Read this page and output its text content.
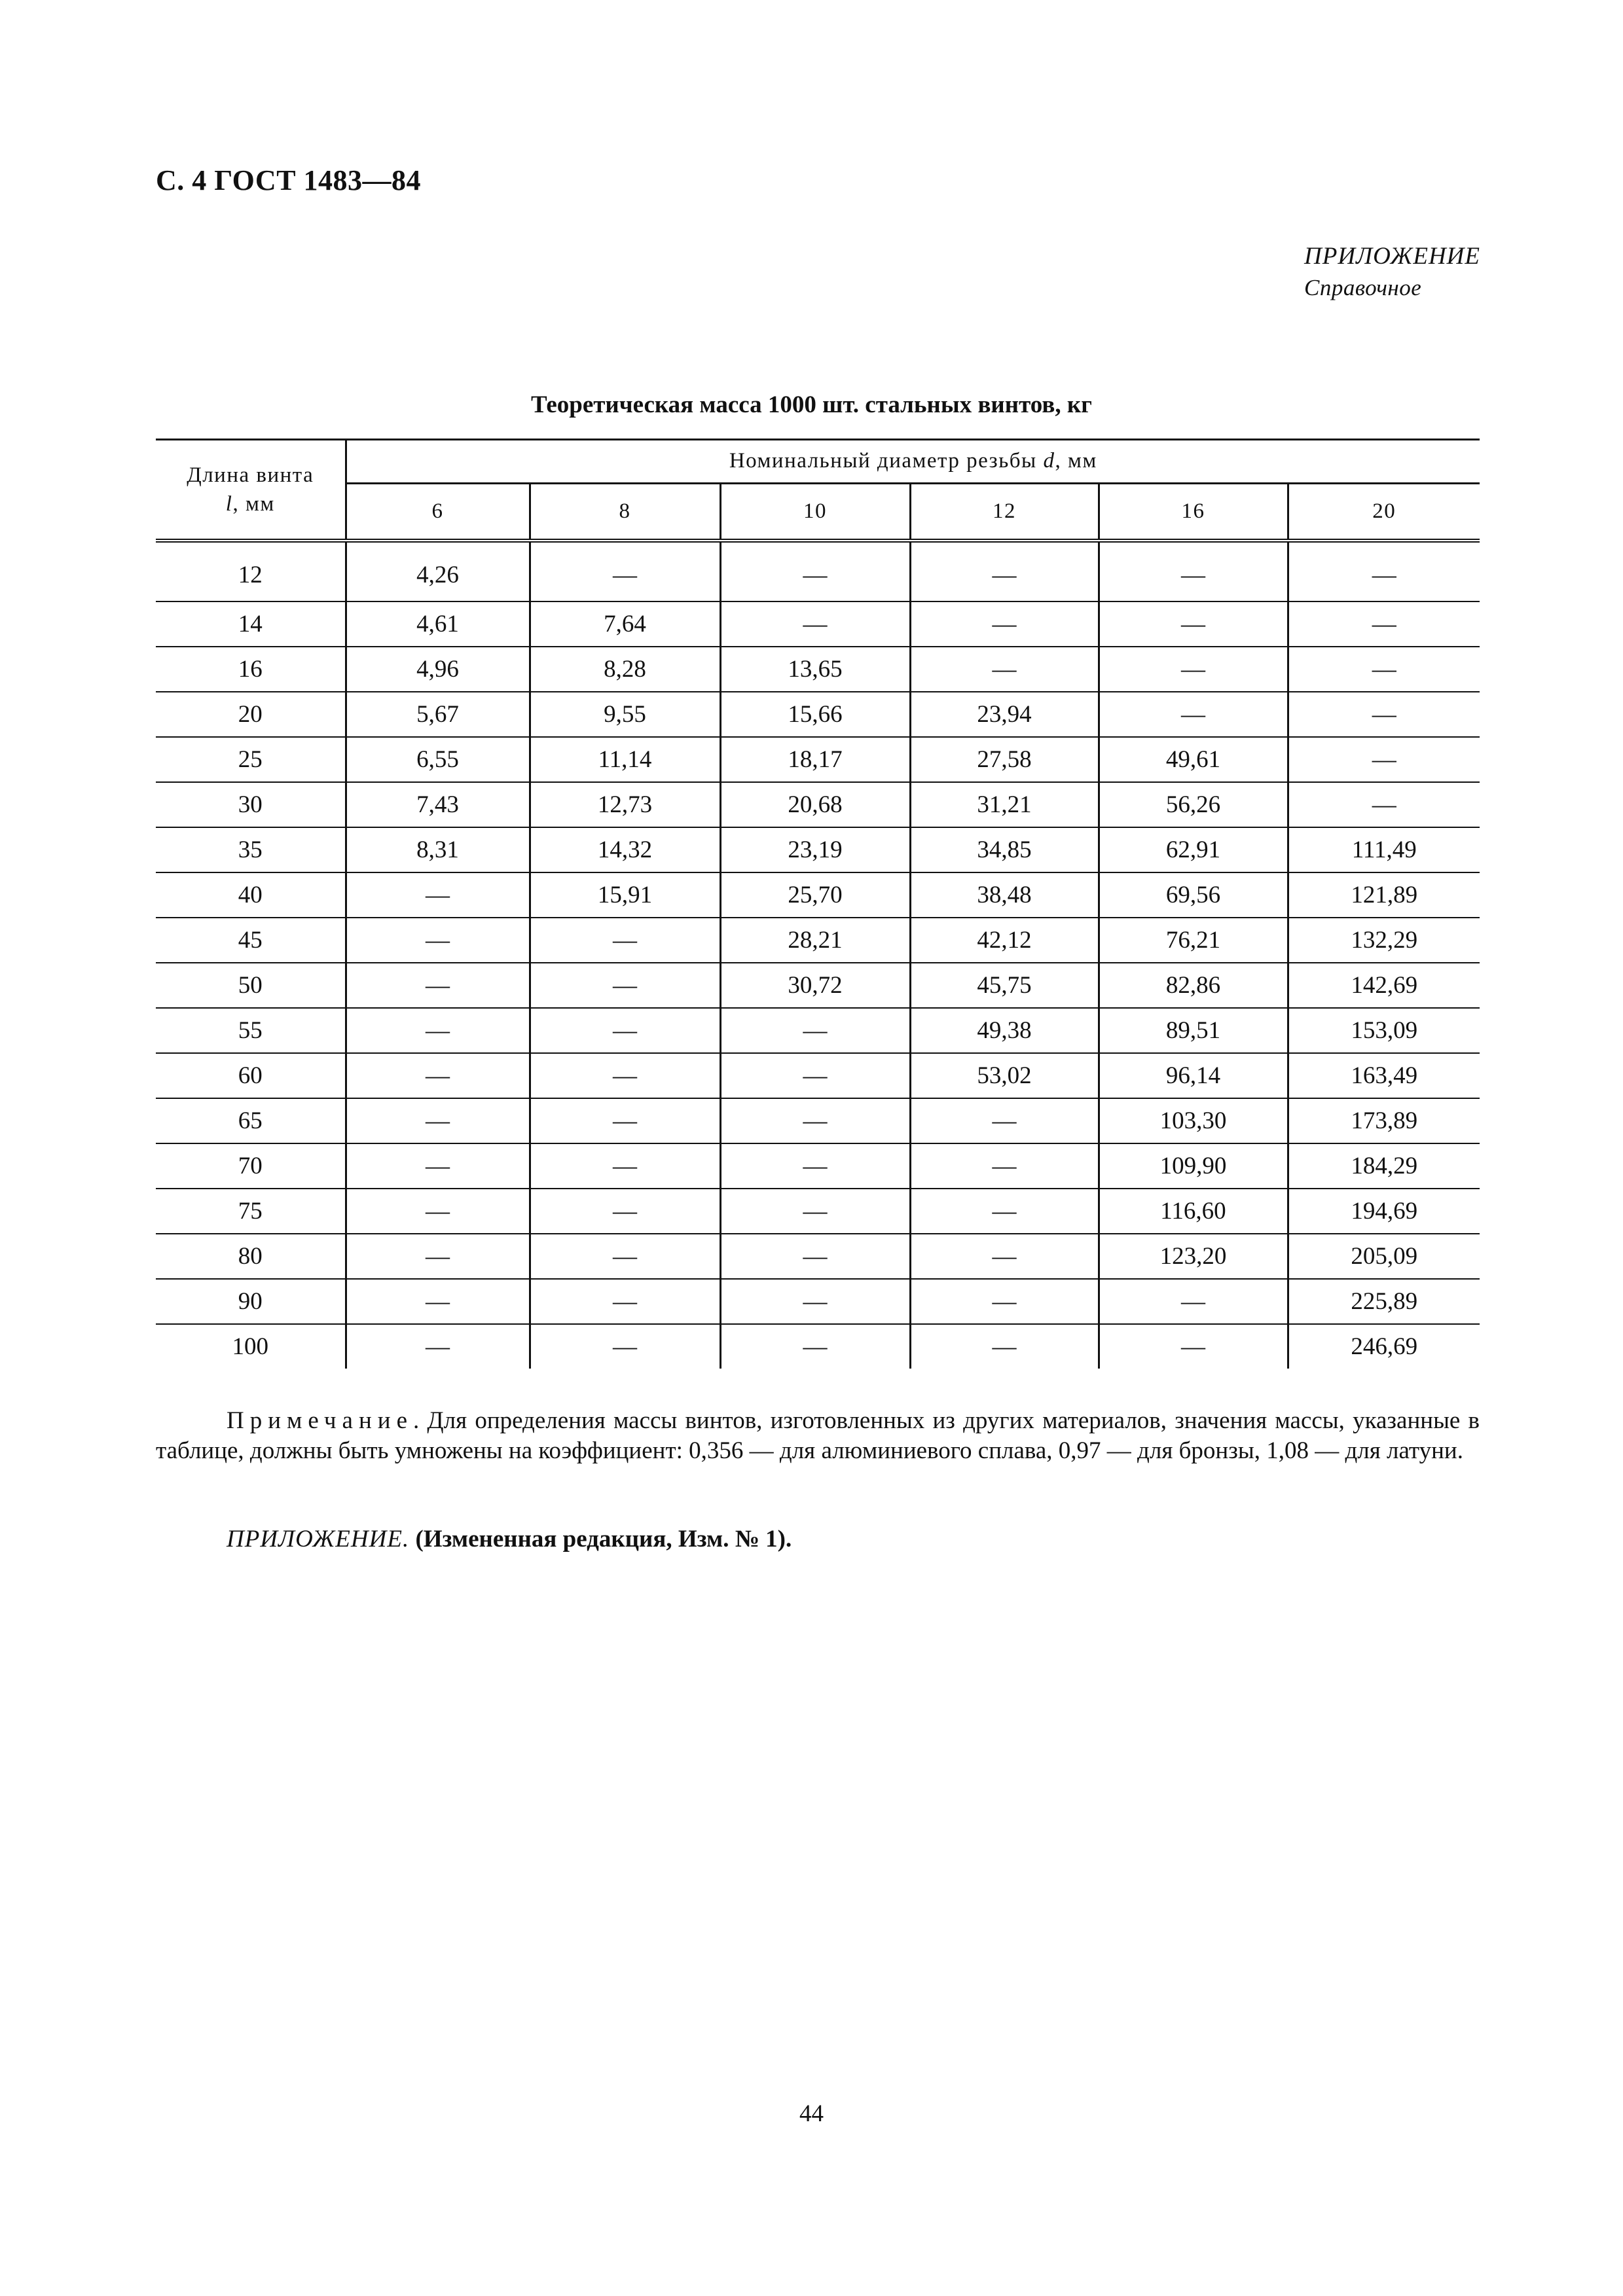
С. 4 ГОСТ 1483—84
ПРИЛОЖЕНИЕ
Справочное
Теоретическая масса 1000 шт. стальных винтов, кг
Длина винта
l, мм	Номинальный диаметр резьбы d, мм					
	6	8	10	12	16	20
12	4,26	—	—	—	—	—
14	4,61	7,64	—	—	—	—
16	4,96	8,28	13,65	—	—	—
20	5,67	9,55	15,66	23,94	—	—
25	6,55	11,14	18,17	27,58	49,61	—
30	7,43	12,73	20,68	31,21	56,26	—
35	8,31	14,32	23,19	34,85	62,91	111,49
40	—	15,91	25,70	38,48	69,56	121,89
45	—	—	28,21	42,12	76,21	132,29
50	—	—	30,72	45,75	82,86	142,69
55	—	—	—	49,38	89,51	153,09
60	—	—	—	53,02	96,14	163,49
65	—	—	—	—	103,30	173,89
70	—	—	—	—	109,90	184,29
75	—	—	—	—	116,60	194,69
80	—	—	—	—	123,20	205,09
90	—	—	—	—	—	225,89
100	—	—	—	—	—	246,69
Примечание. Для определения массы винтов, изготовленных из других материалов, значения массы, указанные в таблице, должны быть умножены на коэффициент: 0,356 — для алюминиевого сплава, 0,97 — для бронзы, 1,08 — для латуни.
ПРИЛОЖЕНИЕ. (Измененная редакция, Изм. № 1).
44
